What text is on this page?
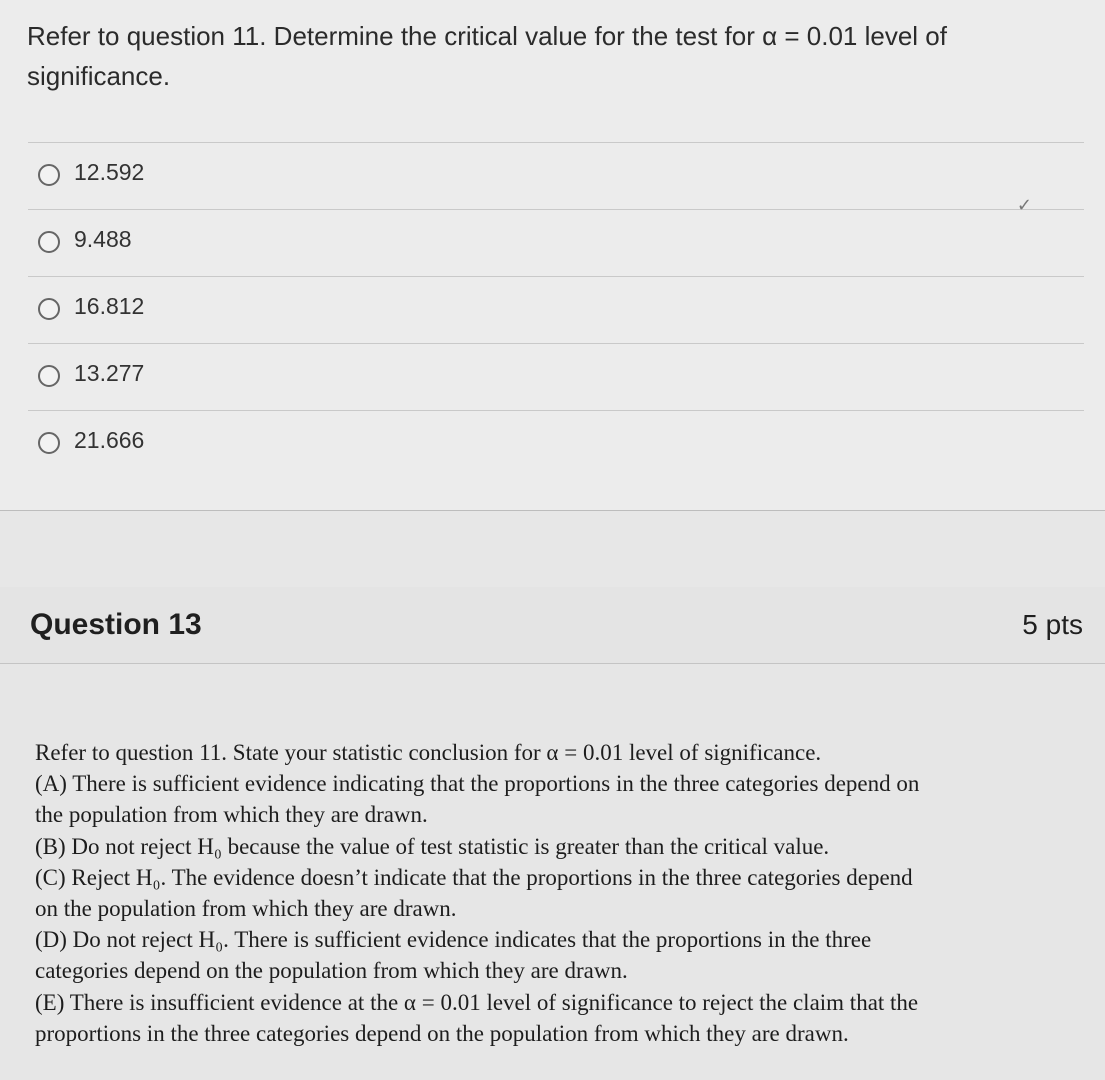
Refer to question 11. Determine the critical value for the test for α = 0.01 level of
significance.
12.592
✓
9.488
16.812
13.277
21.666
Question 13	5 pts
Refer to question 11. State your statistic conclusion for α = 0.01 level of significance.
(A) There is sufficient evidence indicating that the proportions in the three categories depend on
the population from which they are drawn.
(B) Do not reject H₀ because the value of test statistic is greater than the critical value.
(C) Reject H₀. The evidence doesn’t indicate that the proportions in the three categories depend
on the population from which they are drawn.
(D) Do not reject H₀. There is sufficient evidence indicates that the proportions in the three
categories depend on the population from which they are drawn.
(E) There is insufficient evidence at the α = 0.01 level of significance to reject the claim that the
proportions in the three categories depend on the population from which they are drawn.
